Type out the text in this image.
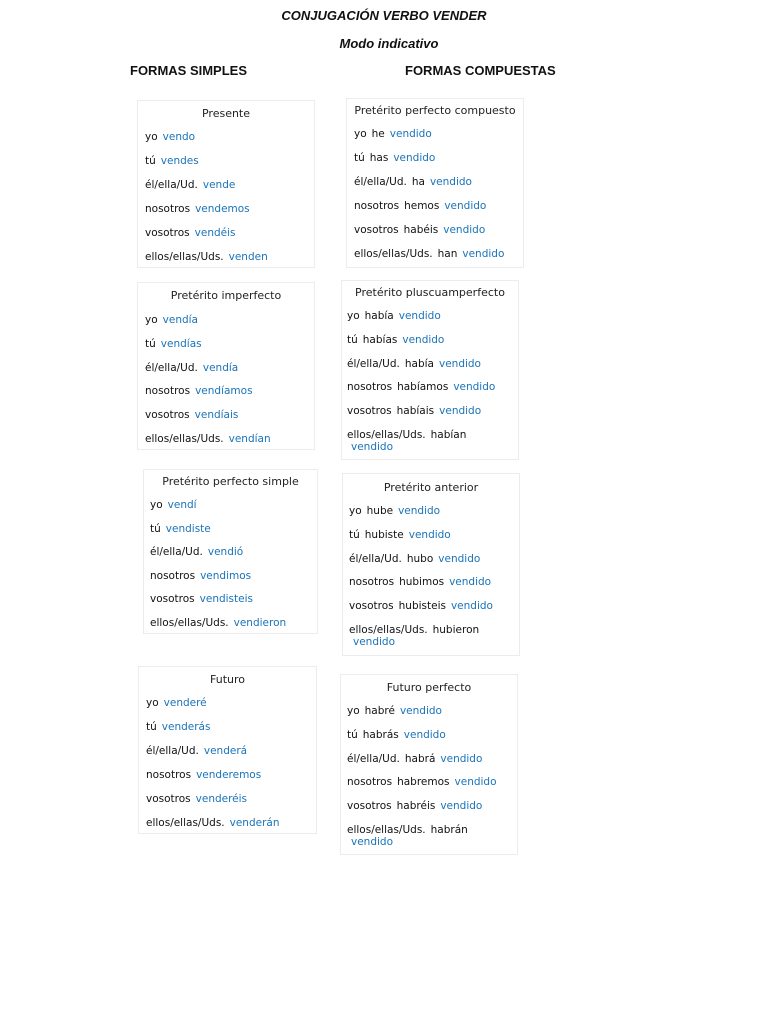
CONJUGACIÓN VERBO VENDER
Modo indicativo
FORMAS SIMPLES	FORMAS COMPUESTAS
Presente
yo vendo
tú vendes
él/ella/Ud. vende
nosotros vendemos
vosotros vendéis
ellos/ellas/Uds. venden
Pretérito perfecto compuesto
yo he vendido
tú has vendido
él/ella/Ud. ha vendido
nosotros hemos vendido
vosotros habéis vendido
ellos/ellas/Uds. han vendido
Pretérito imperfecto
yo vendía
tú vendías
él/ella/Ud. vendía
nosotros vendíamos
vosotros vendíais
ellos/ellas/Uds. vendían
Pretérito pluscuamperfecto
yo había vendido
tú habías vendido
él/ella/Ud. había vendido
nosotros habíamos vendido
vosotros habíais vendido
ellos/ellas/Uds. habían
vendido
Pretérito perfecto simple
yo vendí
tú vendiste
él/ella/Ud. vendió
nosotros vendimos
vosotros vendisteis
ellos/ellas/Uds. vendieron
Pretérito anterior
yo hube vendido
tú hubiste vendido
él/ella/Ud. hubo vendido
nosotros hubimos vendido
vosotros hubisteis vendido
ellos/ellas/Uds. hubieron
vendido
Futuro
yo venderé
tú venderás
él/ella/Ud. venderá
nosotros venderemos
vosotros venderéis
ellos/ellas/Uds. venderán
Futuro perfecto
yo habré vendido
tú habrás vendido
él/ella/Ud. habrá vendido
nosotros habremos vendido
vosotros habréis vendido
ellos/ellas/Uds. habrán
vendido
